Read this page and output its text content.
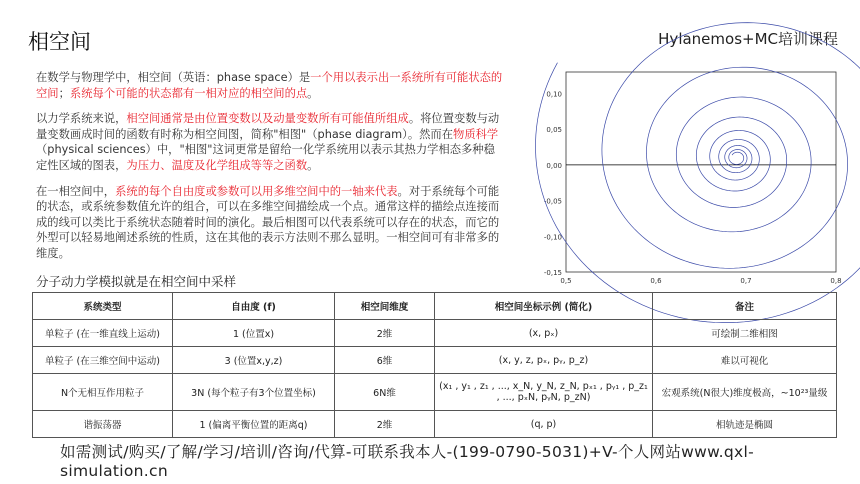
相空间	Hylanemos+MC培训课程

在数学与物理学中，相空间（英语：phase space）是一个用以表示出一系统所有可能状态的空间；系统每个可能的状态都有一相对应的相空间的点。

以力学系统来说，相空间通常是由位置变数以及动量变数所有可能值所组成。将位置变数与动量变数画成时间的函数有时称为相空间图，简称"相图"（phase diagram）。然而在物质科学（physical sciences）中，"相图"这词更常是留给一化学系统用以表示其热力学相态多种稳定性区域的图表，为压力、温度及化学组成等等之函数。

在一相空间中，系统的每个自由度或参数可以用多维空间中的一轴来代表。对于系统每个可能的状态，或系统参数值允许的组合，可以在多维空间描绘成一个点。通常这样的描绘点连接而成的线可以类比于系统状态随着时间的演化。最后相图可以代表系统可以存在的状态，而它的外型可以轻易地阐述系统的性质，这在其他的表示方法则不那么显明。一相空间可有非常多的维度。

分子动力学模拟就是在相空间中采样
0,10
0,05
0,00
-0,05
-0,10
-0,15
0,5	0,6	0,7	0,8
系统类型	自由度 (f)	相空间维度	相空间坐标示例 (简化)	备注
单粒子 (在一维直线上运动)	1 (位置x)	2维	(x, pₓ)	可绘制二维相图
单粒子 (在三维空间中运动)	3 (位置x,y,z)	6维	(x, y, z, pₓ, pᵧ, p_z)	难以可视化
N个无相互作用粒子	3N (每个粒子有3个位置坐标)	6N维	(x₁ , y₁ , z₁ , ..., x_N, y_N, z_N, pₓ₁ , pᵧ₁ , p_z₁ , ..., pₓN, pᵧN, p_zN)	宏观系统(N很大)维度极高，~10²³量级
谐振荡器	1 (偏离平衡位置的距离q)	2维	(q, p)	相轨迹是椭圆
如需测试/购买/了解/学习/培训/咨询/代算-可联系我本人-(199-0790-5031)+V-个人网站www.qxl-simulation.cn
